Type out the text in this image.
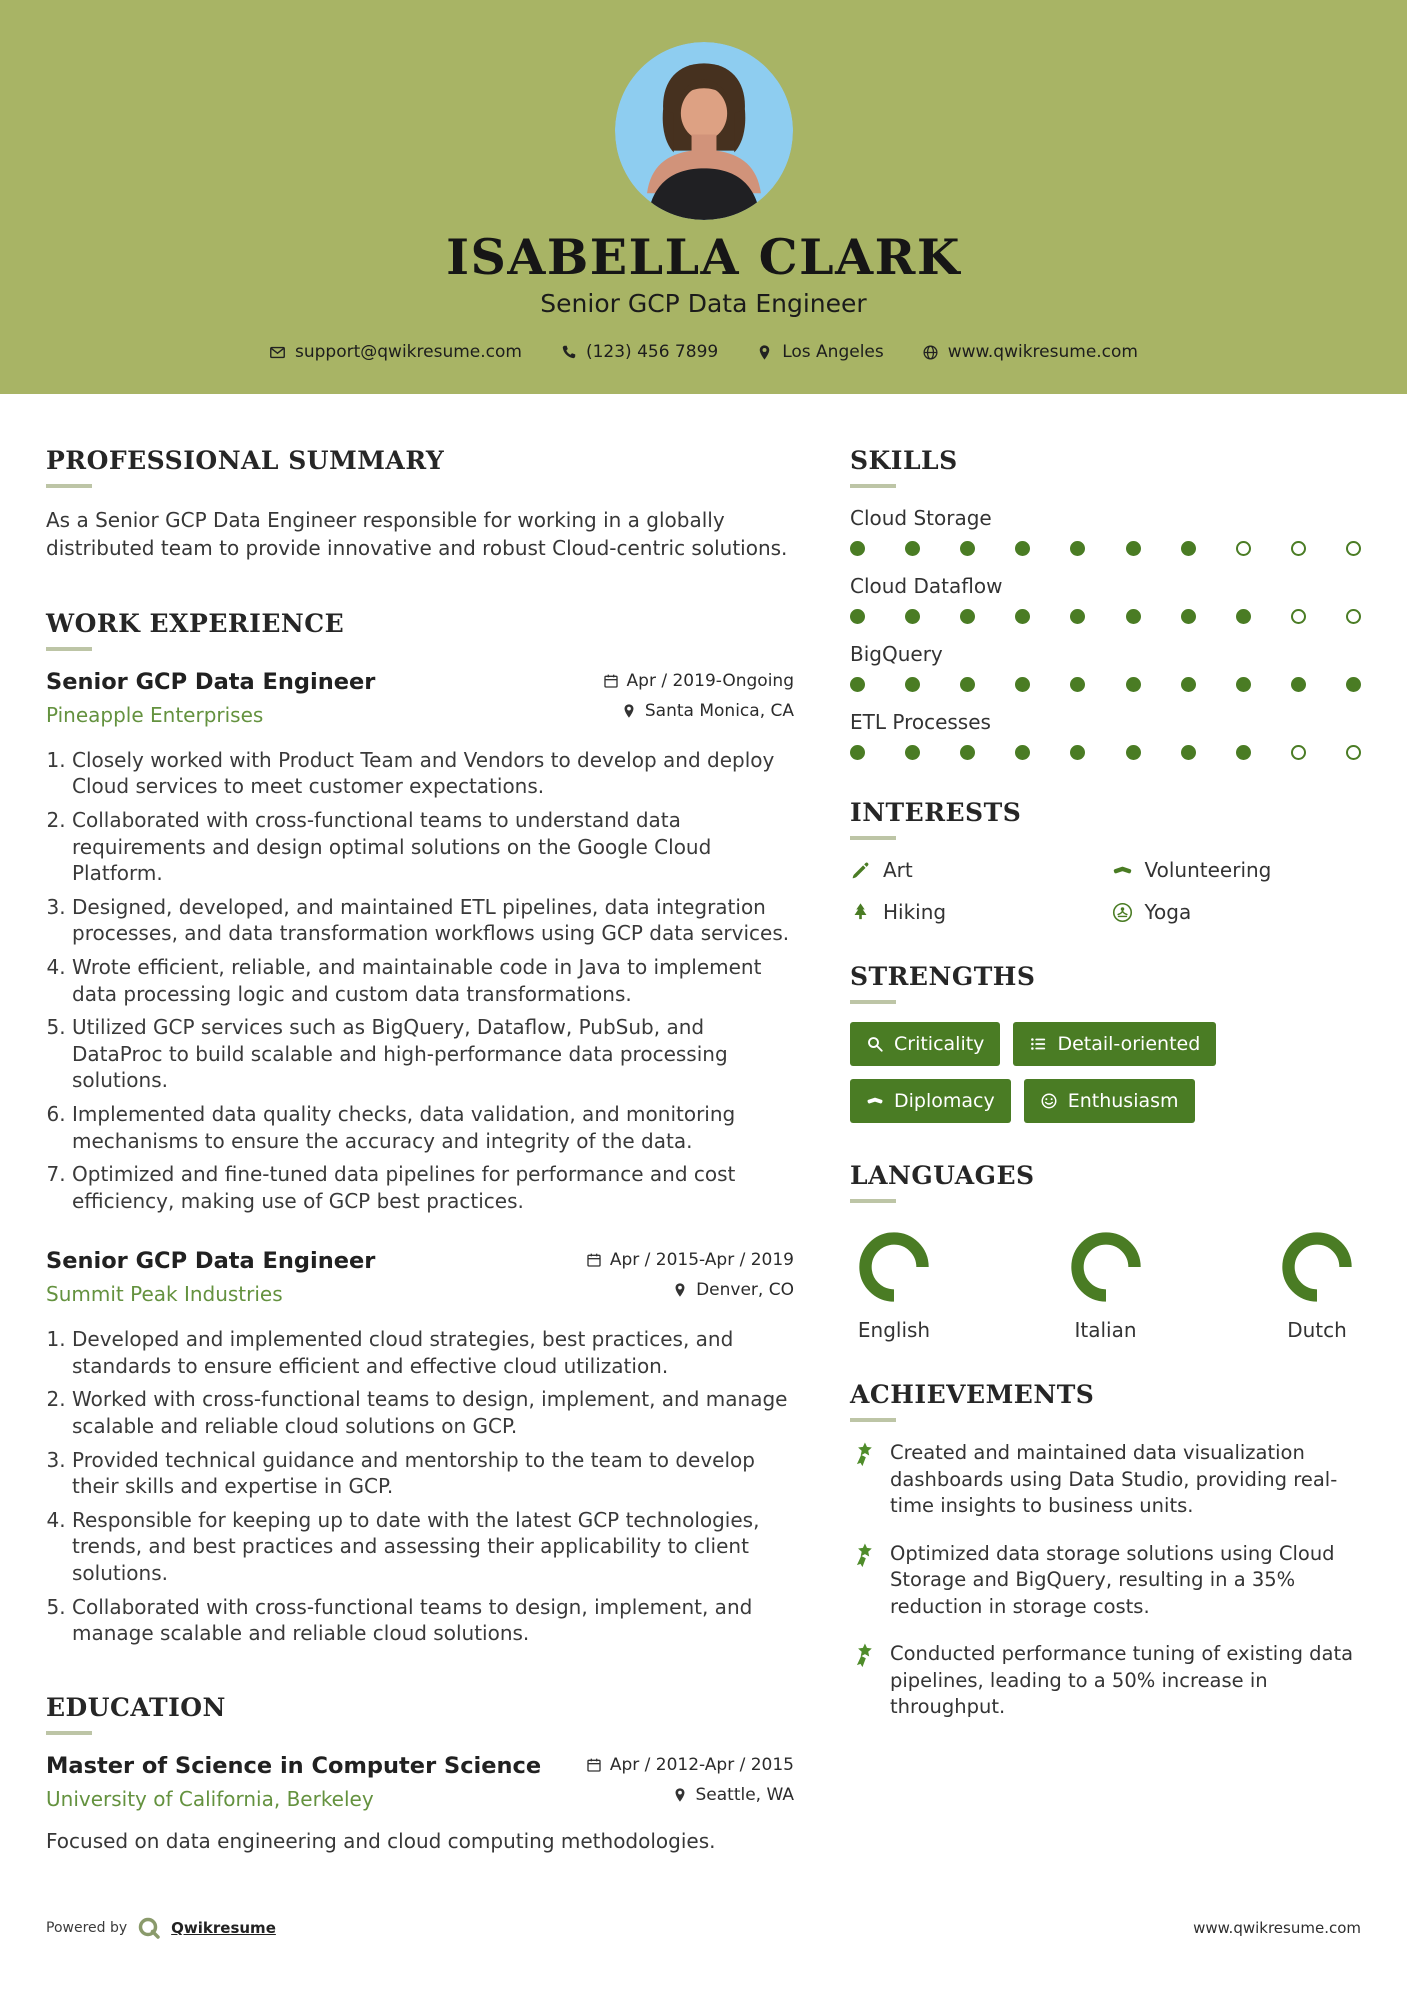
ISABELLA CLARK
Senior GCP Data Engineer
support@qwikresume.com	(123) 456 7899	Los Angeles	www.qwikresume.com
PROFESSIONAL SUMMARY

As a Senior GCP Data Engineer responsible for working in a globally distributed team to provide innovative and robust Cloud-centric solutions.

WORK EXPERIENCE
Senior GCP Data Engineer
Pineapple Enterprises
Apr / 2019-Ongoing
Santa Monica, CA
1. Closely worked with Product Team and Vendors to develop and deploy Cloud services to meet customer expectations.
2. Collaborated with cross-functional teams to understand data requirements and design optimal solutions on the Google Cloud Platform.
3. Designed, developed, and maintained ETL pipelines, data integration processes, and data transformation workflows using GCP data services.
4. Wrote efficient, reliable, and maintainable code in Java to implement data processing logic and custom data transformations.
5. Utilized GCP services such as BigQuery, Dataflow, PubSub, and DataProc to build scalable and high-performance data processing solutions.
6. Implemented data quality checks, data validation, and monitoring mechanisms to ensure the accuracy and integrity of the data.
7. Optimized and fine-tuned data pipelines for performance and cost efficiency, making use of GCP best practices.
Senior GCP Data Engineer
Summit Peak Industries
Apr / 2015-Apr / 2019
Denver, CO
1. Developed and implemented cloud strategies, best practices, and standards to ensure efficient and effective cloud utilization.
2. Worked with cross-functional teams to design, implement, and manage scalable and reliable cloud solutions on GCP.
3. Provided technical guidance and mentorship to the team to develop their skills and expertise in GCP.
4. Responsible for keeping up to date with the latest GCP technologies, trends, and best practices and assessing their applicability to client solutions.
5. Collaborated with cross-functional teams to design, implement, and manage scalable and reliable cloud solutions.
EDUCATION
Master of Science in Computer Science
University of California, Berkeley
Apr / 2012-Apr / 2015
Seattle, WA

Focused on data engineering and cloud computing methodologies.

SKILLS
Cloud Storage
Cloud Dataflow
BigQuery
ETL Processes
INTERESTS
Art	Volunteering
Hiking	Yoga
STRENGTHS
Criticality	Detail-oriented
Diplomacy	Enthusiasm
LANGUAGES
English	Italian	Dutch
ACHIEVEMENTS
Created and maintained data visualization dashboards using Data Studio, providing real-time insights to business units.
Optimized data storage solutions using Cloud Storage and BigQuery, resulting in a 35% reduction in storage costs.
Conducted performance tuning of existing data pipelines, leading to a 50% increase in throughput.
Powered by	Qwikresume	www.qwikresume.com
